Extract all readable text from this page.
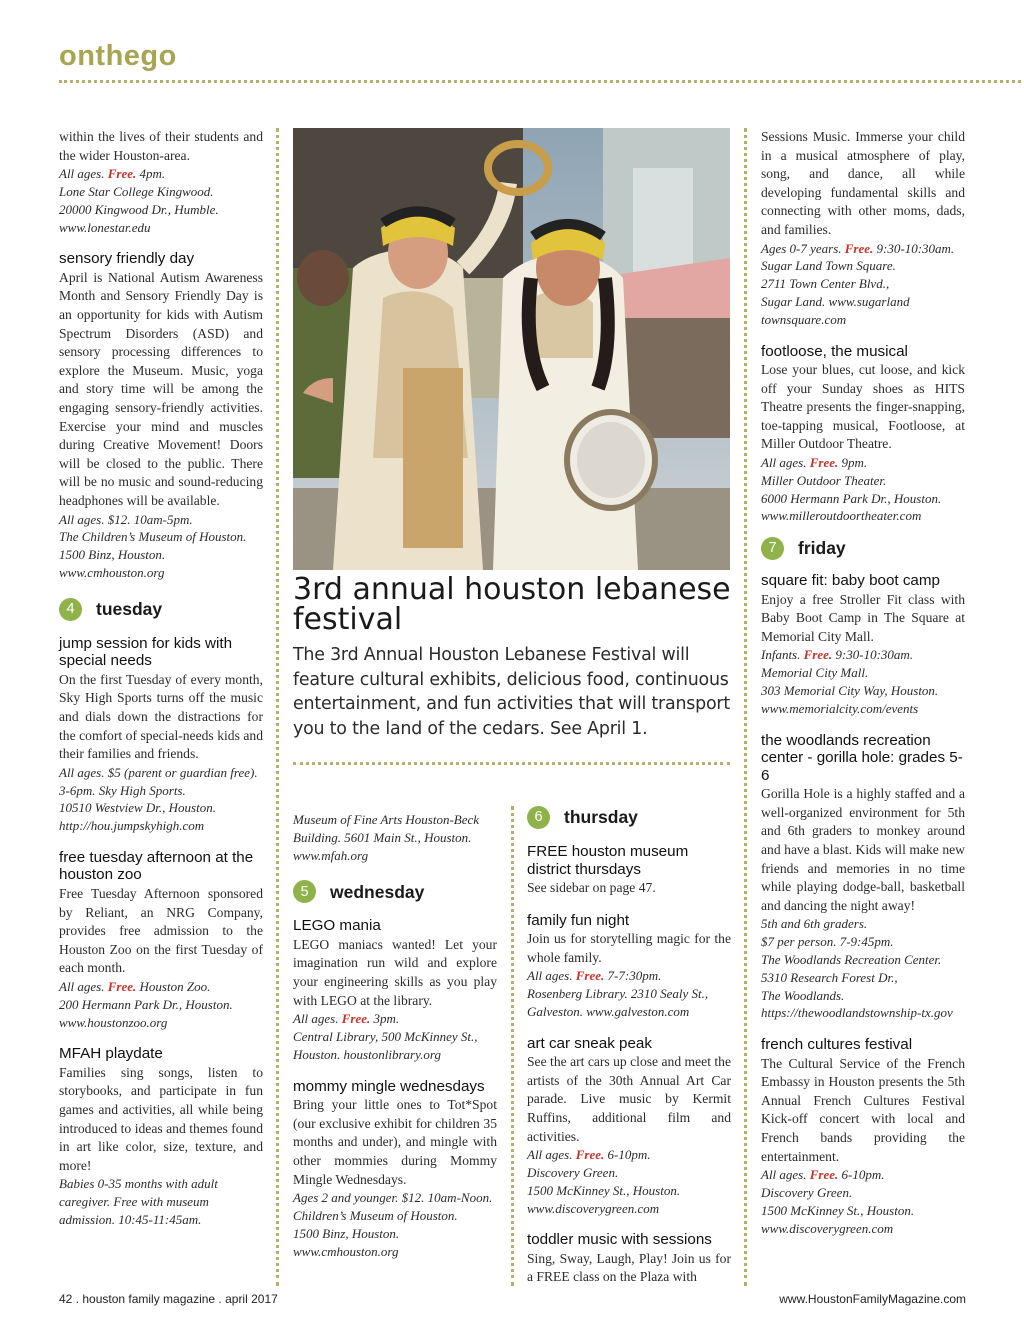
onthego

within the lives of their students and the wider Houston-area.

All ages. Free. 4pm.
Lone Star College Kingwood.
20000 Kingwood Dr., Humble.
www.lonestar.edu
sensory friendly day

April is National Autism Awareness Month and Sensory Friendly Day is an opportunity for kids with Autism Spectrum Disorders (ASD) and sensory processing differences to explore the Museum. Music, yoga and story time will be among the engaging sensory-friendly activities. Exercise your mind and muscles during Creative Movement! Doors will be closed to the public. There will be no music and sound-reducing headphones will be available.

All ages. $12. 10am-5pm.
The Children’s Museum of Houston.
1500 Binz, Houston.
www.cmhouston.org
4	tuesday
jump session for kids with special needs

On the first Tuesday of every month, Sky High Sports turns off the music and dials down the distractions for the comfort of special-needs kids and their families and friends.

All ages. $5 (parent or guardian free).
3-6pm. Sky High Sports.
10510 Westview Dr., Houston.
http://hou.jumpskyhigh.com
free tuesday afternoon at the houston zoo

Free Tuesday Afternoon sponsored by Reliant, an NRG Company, provides free admission to the Houston Zoo on the first Tuesday of each month.

All ages. Free. Houston Zoo.
200 Hermann Park Dr., Houston.
www.houstonzoo.org
MFAH playdate

Families sing songs, listen to storybooks, and participate in fun games and activities, all while being introduced to ideas and themes found in art like color, size, texture, and more!

Babies 0-35 months with adult
caregiver. Free with museum
admission. 10:45-11:45am.
3rd annual houston lebanese festival
The 3rd Annual Houston Lebanese Festival will feature cultural exhibits, delicious food, continuous entertainment, and fun activities that will transport you to the land of the cedars. See April 1.
Museum of Fine Arts Houston-Beck
Building. 5601 Main St., Houston.
www.mfah.org
5	wednesday
LEGO mania

LEGO maniacs wanted! Let your imagination run wild and explore your engineering skills as you play with LEGO at the library.

All ages. Free. 3pm.
Central Library, 500 McKinney St.,
Houston. houstonlibrary.org
mommy mingle wednesdays

Bring your little ones to Tot*Spot (our exclusive exhibit for children 35 months and under), and mingle with other mommies during Mommy Mingle Wednesdays.

Ages 2 and younger. $12. 10am-Noon.
Children’s Museum of Houston.
1500 Binz, Houston.
www.cmhouston.org
6	thursday
FREE houston museum district thursdays

See sidebar on page 47.

family fun night

Join us for storytelling magic for the whole family.

All ages. Free. 7-7:30pm.
Rosenberg Library. 2310 Sealy St.,
Galveston. www.galveston.com
art car sneak peak

See the art cars up close and meet the artists of the 30th Annual Art Car parade. Live music by Kermit Ruffins, additional film and activities.

All ages. Free. 6-10pm.
Discovery Green.
1500 McKinney St., Houston.
www.discoverygreen.com
toddler music with sessions

Sing, Sway, Laugh, Play! Join us for a FREE class on the Plaza with

Sessions Music. Immerse your child in a musical atmosphere of play, song, and dance, all while developing fundamental skills and connecting with other moms, dads, and families.

Ages 0-7 years. Free. 9:30-10:30am.
Sugar Land Town Square.
2711 Town Center Blvd.,
Sugar Land. www.sugarland
townsquare.com
footloose, the musical

Lose your blues, cut loose, and kick off your Sunday shoes as HITS Theatre presents the finger-snapping, toe-tapping musical, Footloose, at Miller Outdoor Theatre.

All ages. Free. 9pm.
Miller Outdoor Theater.
6000 Hermann Park Dr., Houston.
www.milleroutdoortheater.com
7	friday
square fit: baby boot camp

Enjoy a free Stroller Fit class with Baby Boot Camp in The Square at Memorial City Mall.

Infants. Free. 9:30-10:30am.
Memorial City Mall.
303 Memorial City Way, Houston.
www.memorialcity.com/events
the woodlands recreation center - gorilla hole: grades 5-6

Gorilla Hole is a highly staffed and a well-organized environment for 5th and 6th graders to monkey around and have a blast. Kids will make new friends and memories in no time while playing dodge-ball, basketball and dancing the night away!

5th and 6th graders.
$7 per person. 7-9:45pm.
The Woodlands Recreation Center.
5310 Research Forest Dr.,
The Woodlands.
https://thewoodlandstownship-tx.gov
french cultures festival

The Cultural Service of the French Embassy in Houston presents the 5th Annual French Cultures Festival Kick-off concert with local and French bands providing the entertainment.

All ages. Free. 6-10pm.
Discovery Green.
1500 McKinney St., Houston.
www.discoverygreen.com
42 . houston family magazine . april 2017	www.HoustonFamilyMagazine.com
